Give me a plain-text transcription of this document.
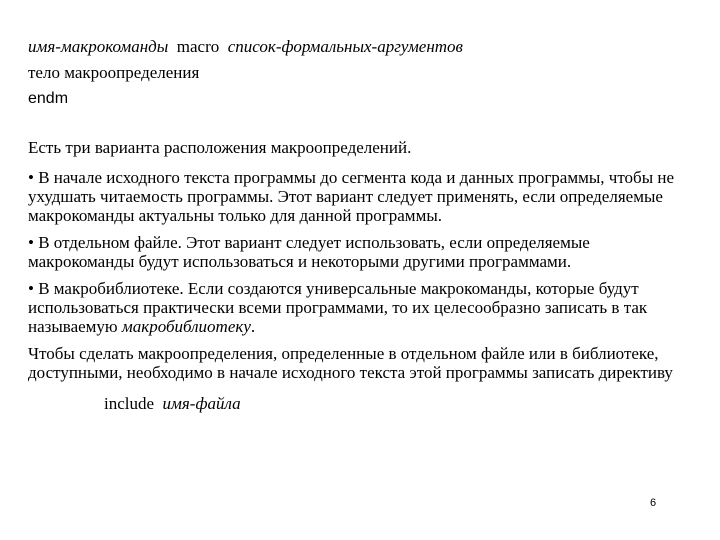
имя-макрокоманды macro список-формальных-аргументов
тело макроопределения
endm

Есть три варианта расположения макроопределений.

• В начале исходного текста программы до сегмента кода и данных программы, чтобы не ухудшать читаемость программы. Этот вариант следует применять, если определяемые макрокоманды актуальны только для данной программы.

• В отдельном файле. Этот вариант следует использовать, если определяемые макрокоманды будут использоваться и некоторыми другими программами.

• В макробиблиотеке. Если создаются универсальные макрокоманды, которые будут использоваться практически всеми программами, то их целесообразно записать в так называемую макробиблиотеку.

Чтобы сделать макроопределения, определенные в отдельном файле или в библиотеке, доступными, необходимо в начале исходного текста этой программы записать директиву

include имя-файла

6
